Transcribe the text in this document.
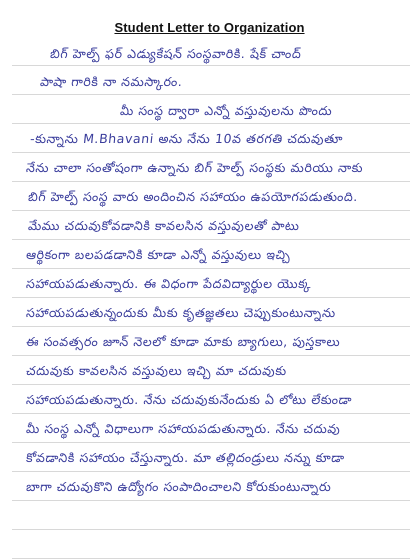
Student Letter to Organization
బిగ్ హెల్ప్ ఫర్ ఎడ్యుకేషన్ సంస్థవారికి. షేక్ చాంద్
పాషా గారికి నా నమస్కారం.
మీ సంస్థ ద్వారా ఎన్నో వస్తువులను పొందు
-కున్నాను M.Bhavani అను నేను 10వ తరగతి చదువుతూ
నేను చాలా సంతోషంగా ఉన్నాను బిగ్ హెల్ప్ సంస్థకు మరియు నాకు
బిగ్ హెల్ప్ సంస్థ వారు అందించిన సహాయం ఉపయోగపడుతుంది.
మేము చదువుకోవడానికి కావలసిన వస్తువులతో పాటు
ఆర్థికంగా బలపడడానికి కూడా ఎన్నో వస్తువులు ఇచ్చి
సహాయపడుతున్నారు. ఈ విధంగా పేదవిద్యార్థుల యొక్క
సహాయపడుతున్నందుకు మీకు కృతజ్ఞతలు చెప్పుకుంటున్నాను
ఈ సంవత్సరం జూన్ నెలలో కూడా మాకు బ్యాగులు, పుస్తకాలు
చదువుకు కావలసిన వస్తువులు ఇచ్చి మా చదువుకు
సహాయపడుతున్నారు. నేను చదువుకునేందుకు ఏ లోటు లేకుండా
మీ సంస్థ ఎన్నో విధాలుగా సహాయపడుతున్నారు. నేను చదువు
కోవడానికి సహాయం చేస్తున్నారు. మా తల్లిదండ్రులు నన్ను కూడా
బాగా చదువుకొని ఉద్యోగం సంపాదించాలని కోరుకుంటున్నారు
